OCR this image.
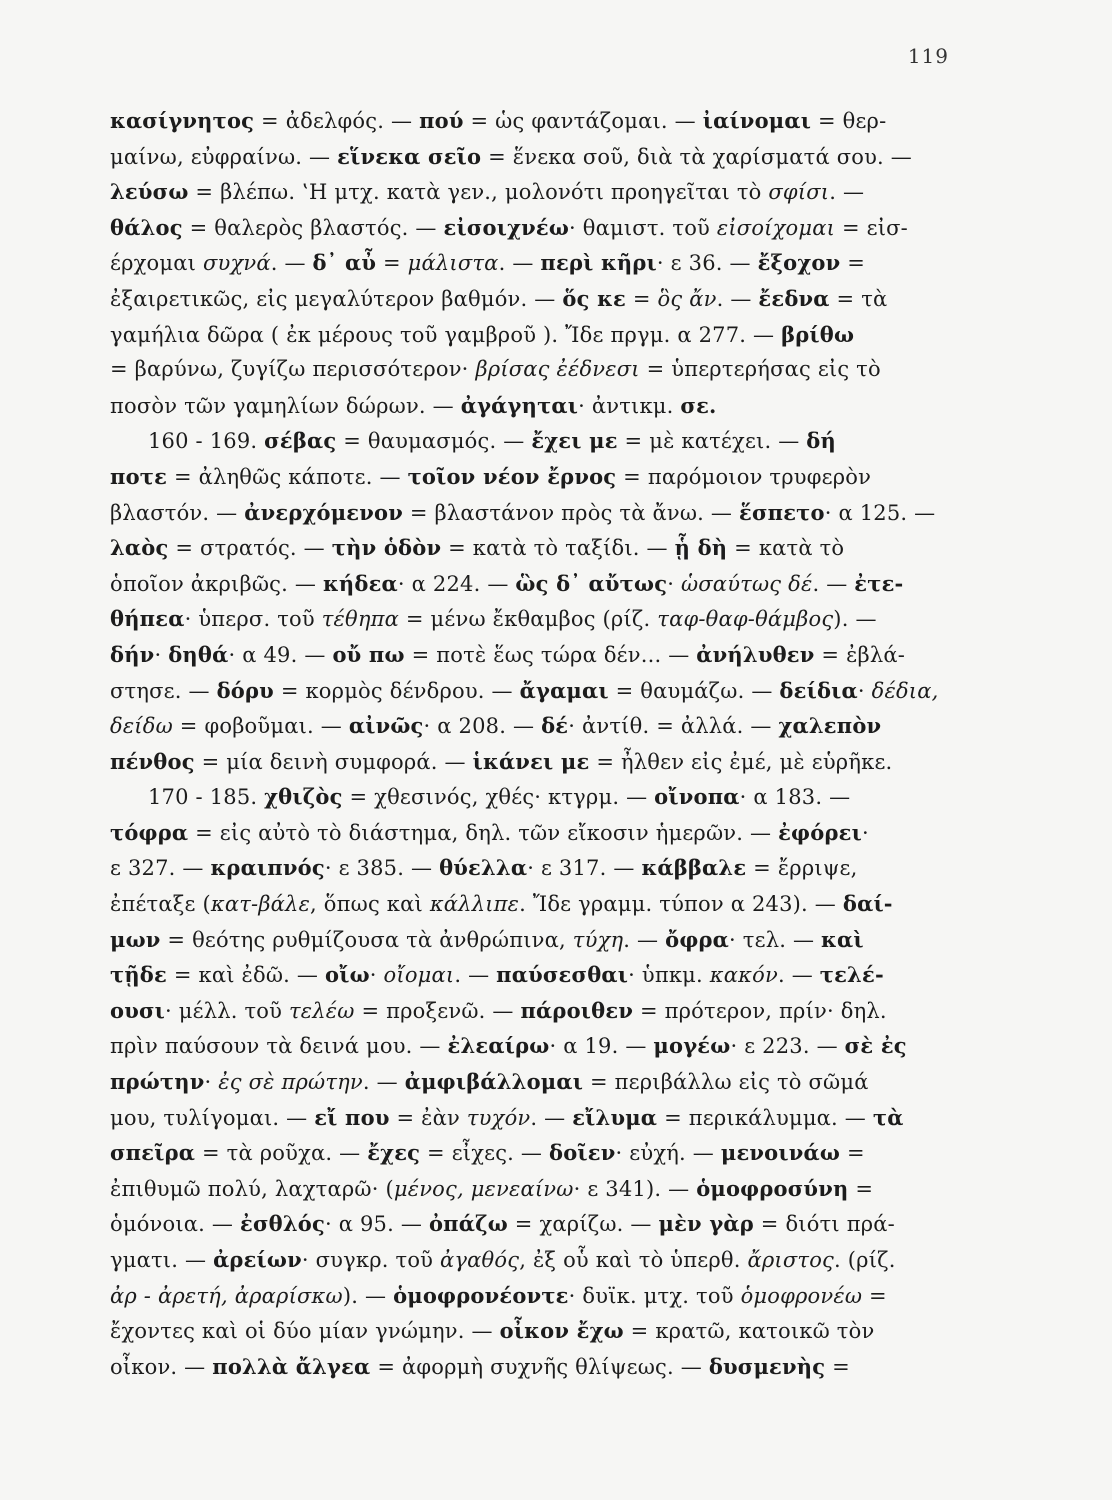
119
κασίγνητος = ἀδελφός. — πού = ὡς φαντάζομαι. — ἰαίνομαι = θερ-
μαίνω, εὐφραίνω. — εἵνεκα σεῖο = ἕνεκα σοῦ, διὰ τὰ χαρίσματά σου. —
λεύσω = βλέπω. ‛Η μτχ. κατὰ γεν., μολονότι προηγεῖται τὸ σφίσι. —
θάλος = θαλερὸς βλαστός. — εἰσοιχνέω· θαμιστ. τοῦ εἰσοίχομαι = εἰσ-
έρχομαι συχνά. — δ᾽ αὖ = μάλιστα. — περὶ κῆρι· ε 36. — ἔξοχον =
ἐξαιρετικῶς, εἰς μεγαλύτερον βαθμόν. — ὅς κε = ὃς ἄν. — ἔεδνα = τὰ
γαμήλια δῶρα ( ἐκ μέρους τοῦ γαμβροῦ ). Ἴδε πργμ. α 277. — βρίθω
= βαρύνω, ζυγίζω περισσότερον· βρίσας ἐέδνεσι = ὑπερτερήσας εἰς τὸ
ποσὸν τῶν γαμηλίων δώρων. — ἀγάγηται· ἀντικμ. σε.
160 - 169. σέβας = θαυμασμός. — ἔχει με = μὲ κατέχει. — δή
ποτε = ἀληθῶς κάποτε. — τοῖον νέον ἔρνος = παρόμοιον τρυφερὸν
βλαστόν. — ἀνερχόμενον = βλαστάνον πρὸς τὰ ἄνω. — ἕσπετο· α 125. —
λαὸς = στρατός. — τὴν ὁδὸν = κατὰ τὸ ταξίδι. — ᾗ δὴ = κατὰ τὸ
ὁποῖον ἀκριβῶς. — κήδεα· α 224. — ὣς δ᾽ αὔτως· ὡσαύτως δέ. — ἐτε-
θήπεα· ὑπερσ. τοῦ τέθηπα = μένω ἔκθαμβος (ρίζ. ταφ-θαφ-θάμβος). —
δήν· δηθά· α 49. — οὔ πω = ποτὲ ἕως τώρα δέν... — ἀνήλυθεν = ἐβλά-
στησε. — δόρυ = κορμὸς δένδρου. — ἄγαμαι = θαυμάζω. — δείδια· δέδια,
δείδω = φοβοῦμαι. — αἰνῶς· α 208. — δέ· ἀντίθ. = ἀλλά. — χαλεπὸν
πένθος = μία δεινὴ συμφορά. — ἱκάνει με = ἦλθεν εἰς ἐμέ, μὲ εὑρῆκε.
170 - 185. χθιζὸς = χθεσινός, χθές· κτγρμ. — οἴνοπα· α 183. —
τόφρα = εἰς αὐτὸ τὸ διάστημα, δηλ. τῶν εἴκοσιν ἡμερῶν. — ἐφόρει·
ε 327. — κραιπνός· ε 385. — θύελλα· ε 317. — κάββαλε = ἔρριψε,
ἐπέταξε (κατ-βάλε, ὅπως καὶ κάλλιπε. Ἴδε γραμμ. τύπον α 243). — δαί-
μων = θεότης ρυθμίζουσα τὰ ἀνθρώπινα, τύχη. — ὄφρα· τελ. — καὶ
τῇδε = καὶ ἐδῶ. — οἴω· οἴομαι. — παύσεσθαι· ὑπκμ. κακόν. — τελέ-
ουσι· μέλλ. τοῦ τελέω = προξενῶ. — πάροιθεν = πρότερον, πρίν· δηλ.
πρὶν παύσουν τὰ δεινά μου. — ἐλεαίρω· α 19. — μογέω· ε 223. — σὲ ἐς
πρώτην· ἐς σὲ πρώτην. — ἀμφιβάλλομαι = περιβάλλω εἰς τὸ σῶμά
μου, τυλίγομαι. — εἴ που = ἐὰν τυχόν. — εἴλυμα = περικάλυμμα. — τὰ
σπεῖρα = τὰ ροῦχα. — ἔχες = εἶχες. — δοῖεν· εὐχή. — μενοινάω =
ἐπιθυμῶ πολύ, λαχταρῶ· (μένος, μενεαίνω· ε 341). — ὁμοφροσύνη =
ὁμόνοια. — ἐσθλός· α 95. — ὀπάζω = χαρίζω. — μὲν γὰρ = διότι πρά-
γματι. — ἀρείων· συγκρ. τοῦ ἀγαθός, ἐξ οὗ καὶ τὸ ὑπερθ. ἄριστος. (ρίζ.
ἀρ - ἀρετή, ἀραρίσκω). — ὁμοφρονέοντε· δυϊκ. μτχ. τοῦ ὁμοφρονέω =
ἔχοντες καὶ οἱ δύο μίαν γνώμην. — οἶκον ἔχω = κρατῶ, κατοικῶ τὸν
οἶκον. — πολλὰ ἄλγεα = ἀφορμὴ συχνῆς θλίψεως. — δυσμενὴς =
